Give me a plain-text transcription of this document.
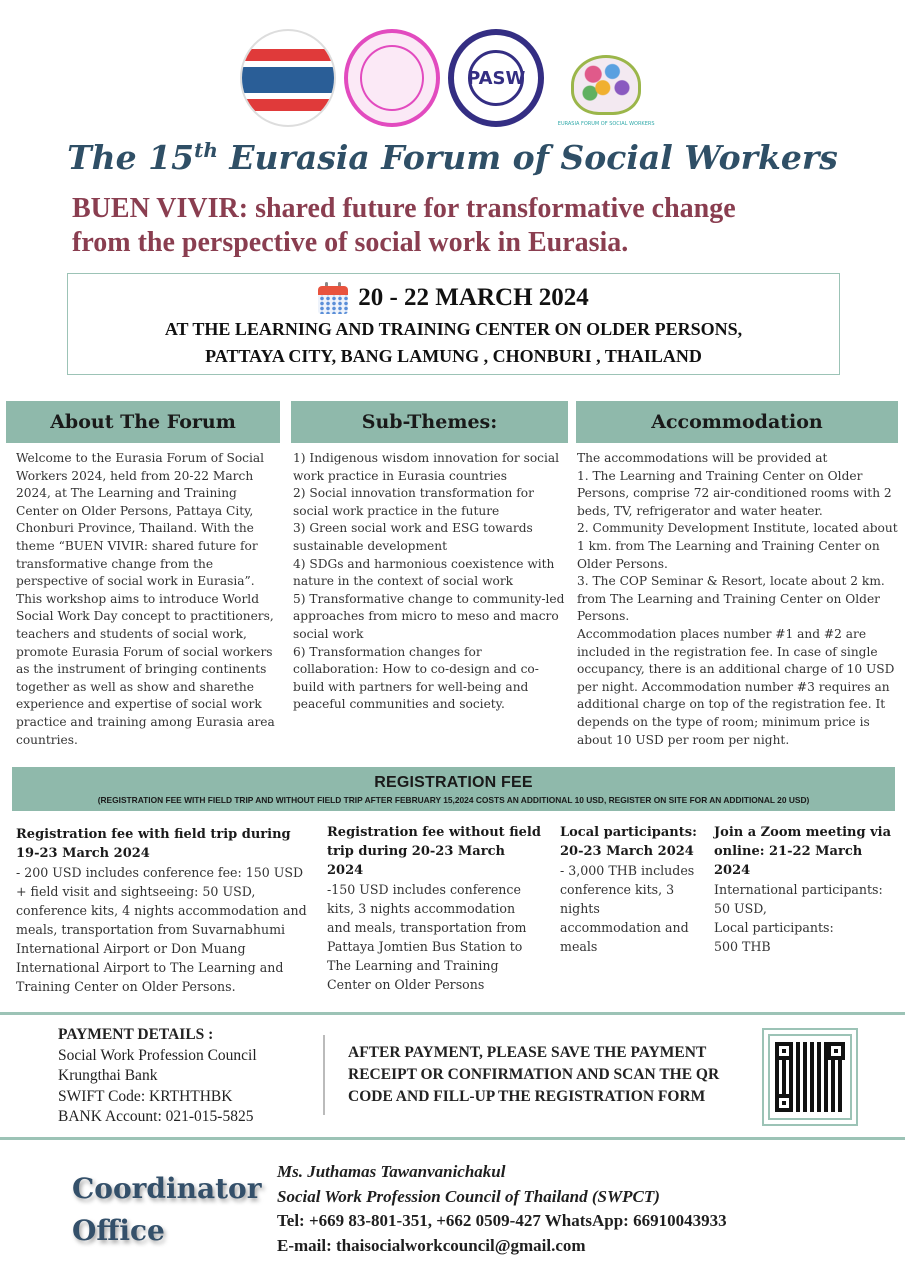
PASW
EURASIA FORUM OF SOCIAL WORKERS
The 15th Eurasia Forum of Social Workers
BUEN VIVIR: shared future for transformative change
from the perspective of social work in Eurasia.
20 - 22 MARCH 2024
AT THE LEARNING AND TRAINING CENTER ON OLDER PERSONS,
PATTAYA CITY, BANG LAMUNG , CHONBURI , THAILAND
About The Forum
Welcome to the Eurasia Forum of Social Workers 2024, held from 20-22 March 2024, at The Learning and Training Center on Older Persons, Pattaya City, Chonburi Province, Thailand. With the theme “BUEN VIVIR: shared future for transformative change from the perspective of social work in Eurasia”. This workshop aims to introduce World Social Work Day concept to practitioners, teachers and students of social work, promote Eurasia Forum of social workers as the instrument of bringing continents together as well as show and sharethe experience and expertise of social work practice and training among Eurasia area countries.
Sub-Themes:

1) Indigenous wisdom innovation for social work practice in Eurasia countries

2) Social innovation transformation for social work practice in the future

3) Green social work and ESG towards sustainable development

4) SDGs and harmonious coexistence with nature in the context of social work

5) Transformative change to community-led approaches from micro to meso and macro social work

6) Transformation changes for collaboration: How to co-design and co-build with partners for well-being and peaceful communities and society.

Accommodation

The accommodations will be provided at

1. The Learning and Training Center on Older Persons, comprise 72 air-conditioned rooms with 2 beds, TV, refrigerator and water heater.

2. Community Development Institute, located about 1 km. from The Learning and Training Center on Older Persons.

3. The COP Seminar & Resort, locate about 2 km. from The Learning and Training Center on Older Persons.

Accommodation places number #1 and #2 are included in the registration fee. In case of single occupancy, there is an additional charge of 10 USD per night. Accommodation number #3 requires an additional charge on top of the registration fee. It depends on the type of room; minimum price is about 10 USD per room per night.

REGISTRATION FEE
(REGISTRATION FEE WITH FIELD TRIP AND WITHOUT FIELD TRIP AFTER FEBRUARY 15,2024 COSTS AN ADDITIONAL 10 USD, REGISTER ON SITE FOR AN ADDITIONAL 20 USD)
Registration fee with field trip during 19-23 March 2024
- 200 USD includes conference fee: 150 USD + field visit and sightseeing: 50 USD, conference kits, 4 nights accommodation and meals, transportation from Suvarnabhumi International Airport or Don Muang International Airport to The Learning and Training Center on Older Persons.
Registration fee without field trip during 20-23 March 2024
-150 USD includes conference kits, 3 nights accommodation and meals, transportation from Pattaya Jomtien Bus Station to The Learning and Training Center on Older Persons
Local participants: 20-23 March 2024
- 3,000 THB includes conference kits, 3 nights accommodation and meals
Join a Zoom meeting via online: 21-22 March 2024
International participants:
50 USD,
Local participants:
500 THB
PAYMENT DETAILS :
Social Work Profession Council
Krungthai Bank
SWIFT Code: KRTHTHBK
BANK Account: 021-015-5825
AFTER PAYMENT, PLEASE SAVE THE PAYMENT RECEIPT OR CONFIRMATION AND SCAN THE QR CODE AND FILL-UP THE REGISTRATION FORM
Coordinator
Office
Ms. Juthamas Tawanvanichakul
Social Work Profession Council of Thailand (SWPCT)
Tel: +669 83-801-351, +662 0509-427 WhatsApp: 66910043933
E-mail: thaisocialworkcouncil@gmail.com
